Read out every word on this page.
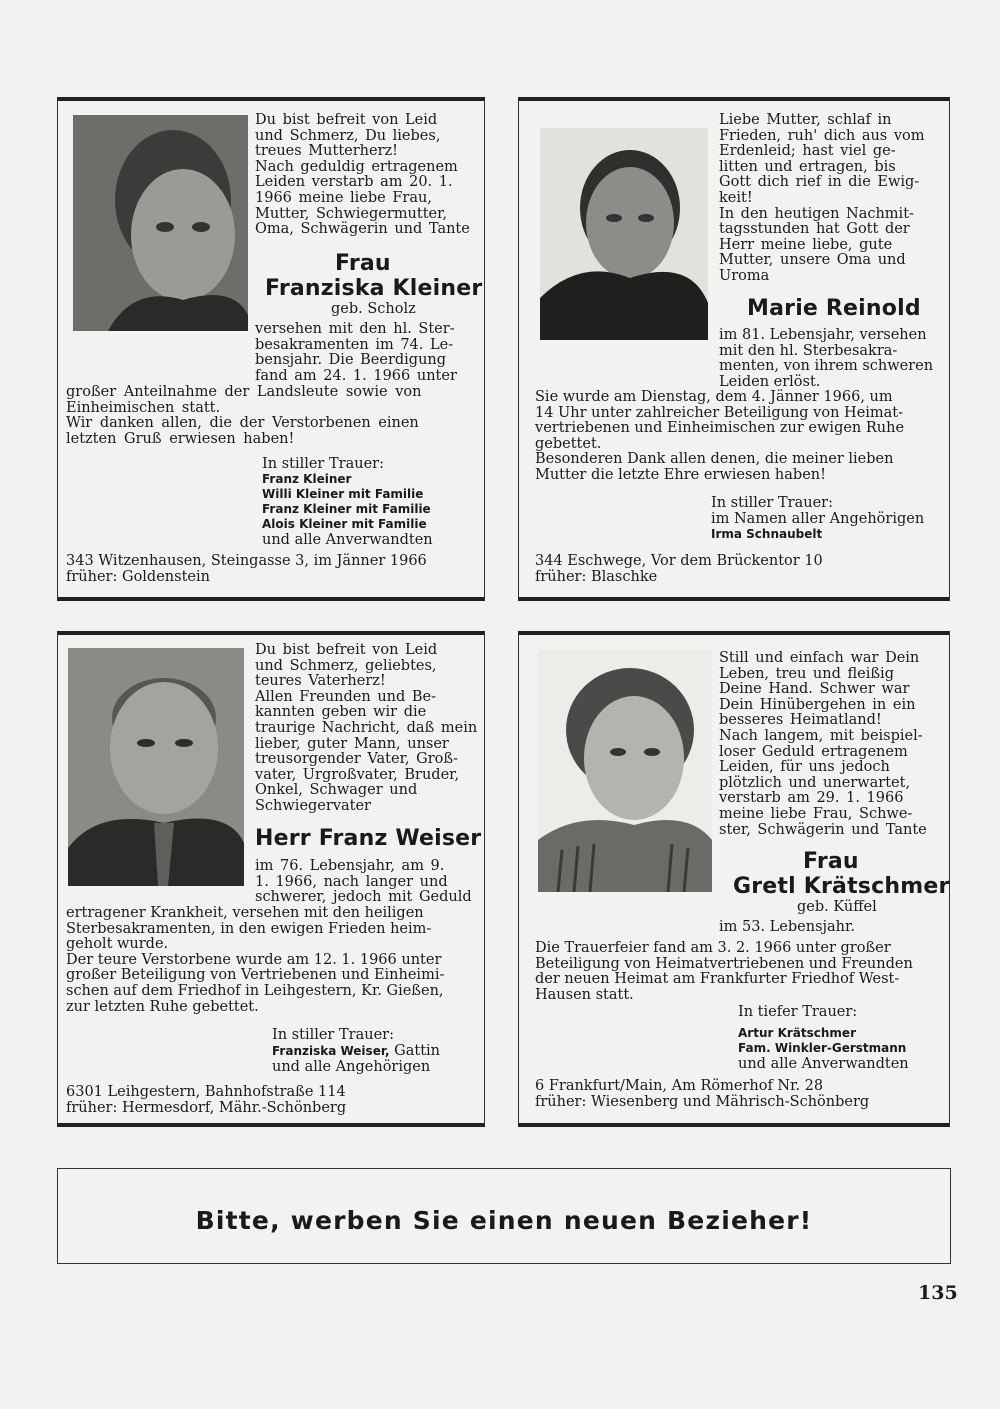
Du bist befreit von Leid
und Schmerz, Du liebes,
treues Mutterherz!
Nach geduldig ertragenem
Leiden verstarb am 20. 1.
1966 meine liebe Frau,
Mutter, Schwiegermutter,
Oma, Schwägerin und Tante
Frau
Franziska Kleiner
geb. Scholz
versehen mit den hl. Ster-
besakramenten im 74. Le-
bensjahr. Die Beerdigung
fand am 24. 1. 1966 unter
großer Anteilnahme der Landsleute sowie von
Einheimischen statt.
Wir danken allen, die der Verstorbenen einen
letzten Gruß erwiesen haben!
In stiller Trauer:
Franz Kleiner
Willi Kleiner mit Familie
Franz Kleiner mit Familie
Alois Kleiner mit Familie
und alle Anverwandten
343 Witzenhausen, Steingasse 3, im Jänner 1966
früher: Goldenstein
Liebe Mutter, schlaf in
Frieden, ruh' dich aus vom
Erdenleid; hast viel ge-
litten und ertragen, bis
Gott dich rief in die Ewig-
keit!
In den heutigen Nachmit-
tagsstunden hat Gott der
Herr meine liebe, gute
Mutter, unsere Oma und
Uroma
Marie Reinold
im 81. Lebensjahr, versehen
mit den hl. Sterbesakra-
menten, von ihrem schweren
Leiden erlöst.
Sie wurde am Dienstag, dem 4. Jänner 1966, um
14 Uhr unter zahlreicher Beteiligung von Heimat-
vertriebenen und Einheimischen zur ewigen Ruhe
gebettet.
Besonderen Dank allen denen, die meiner lieben
Mutter die letzte Ehre erwiesen haben!
In stiller Trauer:
im Namen aller Angehörigen
Irma Schnaubelt
344 Eschwege, Vor dem Brückentor 10
früher: Blaschke
Du bist befreit von Leid
und Schmerz, geliebtes,
teures Vaterherz!
Allen Freunden und Be-
kannten geben wir die
traurige Nachricht, daß mein
lieber, guter Mann, unser
treusorgender Vater, Groß-
vater, Urgroßvater, Bruder,
Onkel, Schwager und
Schwiegervater
Herr Franz Weiser
im 76. Lebensjahr, am 9.
1. 1966, nach langer und
schwerer, jedoch mit Geduld
ertragener Krankheit, versehen mit den heiligen
Sterbesakramenten, in den ewigen Frieden heim-
geholt wurde.
Der teure Verstorbene wurde am 12. 1. 1966 unter
großer Beteiligung von Vertriebenen und Einheimi-
schen auf dem Friedhof in Leihgestern, Kr. Gießen,
zur letzten Ruhe gebettet.
In stiller Trauer:
Franziska Weiser, Gattin
und alle Angehörigen
6301 Leihgestern, Bahnhofstraße 114
früher: Hermesdorf, Mähr.-Schönberg
Still und einfach war Dein
Leben, treu und fleißig
Deine Hand. Schwer war
Dein Hinübergehen in ein
besseres Heimatland!
Nach langem, mit beispiel-
loser Geduld ertragenem
Leiden, für uns jedoch
plötzlich und unerwartet,
verstarb am 29. 1. 1966
meine liebe Frau, Schwe-
ster, Schwägerin und Tante
Frau
Gretl Krätschmer
geb. Küffel
im 53. Lebensjahr.
Die Trauerfeier fand am 3. 2. 1966 unter großer
Beteiligung von Heimatvertriebenen und Freunden
der neuen Heimat am Frankfurter Friedhof West-
Hausen statt.
In tiefer Trauer:
Artur Krätschmer
Fam. Winkler-Gerstmann
und alle Anverwandten
6 Frankfurt/Main, Am Römerhof Nr. 28
früher: Wiesenberg und Mährisch-Schönberg
Bitte, werben Sie einen neuen Bezieher!
135
